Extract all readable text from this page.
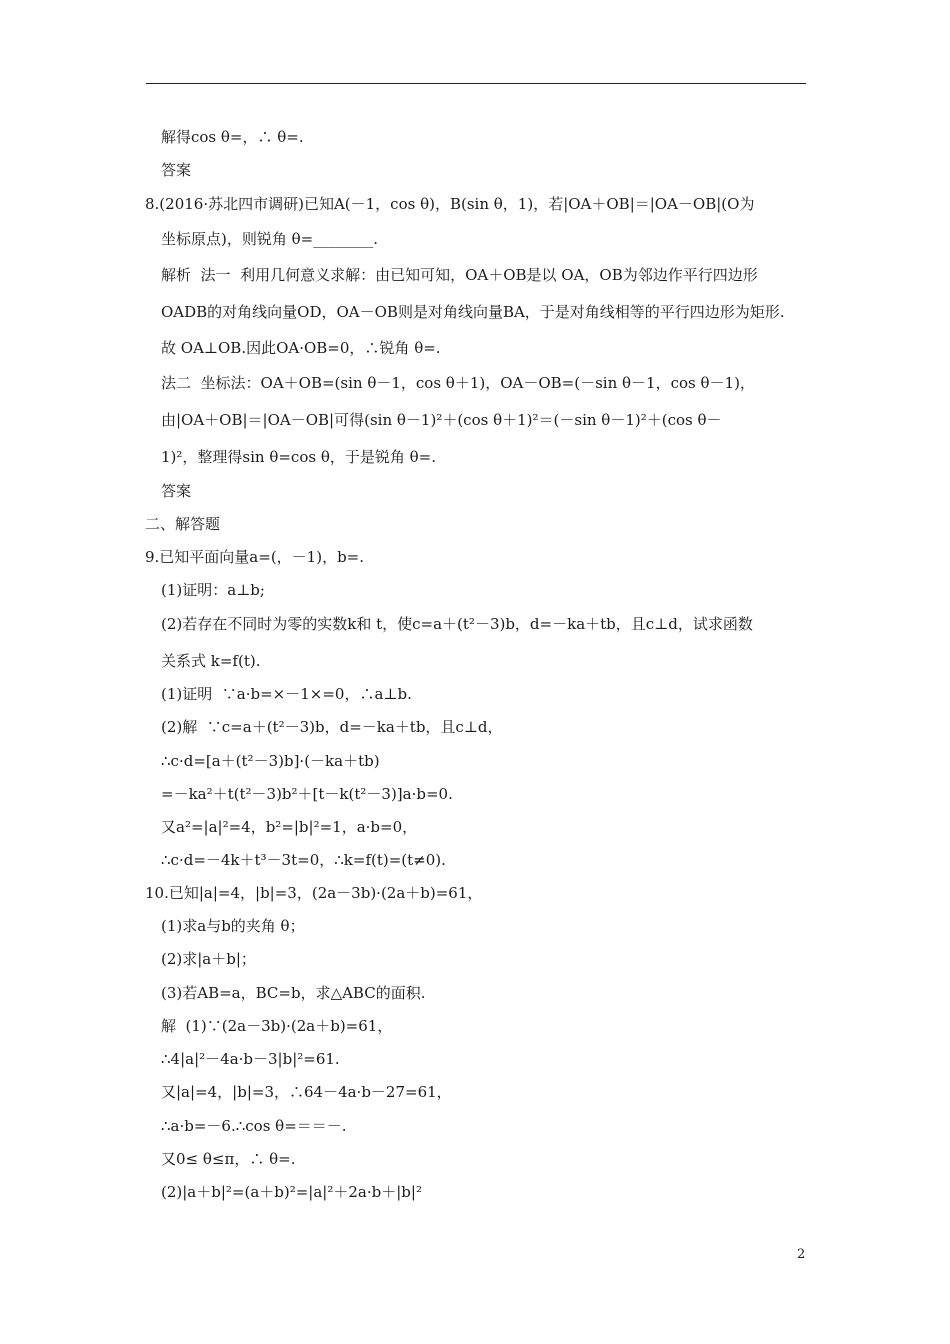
解得cos θ=，∴ θ=.
答案
8.(2016·苏北四市调研)已知A(－1，cos θ)，B(sin θ，1)，若|OA＋OB|＝|OA－OB|(O为
坐标原点)，则锐角 θ=________.
解析  法一  利用几何意义求解：由已知可知，OA＋OB是以 OA，OB为邻边作平行四边形
OADB的对角线向量OD，OA－OB则是对角线向量BA，于是对角线相等的平行四边形为矩形.
故 OA⊥OB.因此OA·OB=0，∴锐角 θ=.
法二  坐标法：OA＋OB=(sin θ－1，cos θ＋1)，OA－OB=(－sin θ－1，cos θ－1)，
由|OA＋OB|＝|OA－OB|可得(sin θ－1)²＋(cos θ＋1)²＝(－sin θ－1)²＋(cos θ－
1)²，整理得sin θ=cos θ，于是锐角 θ=.
答案
二、解答题
9.已知平面向量a=(，－1)，b=.
(1)证明：a⊥b;
(2)若存在不同时为零的实数k和 t，使c=a＋(t²－3)b，d=－ka＋tb，且c⊥d，试求函数
关系式 k=f(t).
(1)证明  ∵a·b=×－1×=0，∴a⊥b.
(2)解  ∵c=a＋(t²－3)b，d=－ka＋tb，且c⊥d，
∴c·d=[a＋(t²－3)b]·(－ka＋tb)
=－ka²＋t(t²－3)b²＋[t－k(t²－3)]a·b=0.
又a²=|a|²=4，b²=|b|²=1，a·b=0，
∴c·d=－4k＋t³－3t=0，∴k=f(t)=(t≠0).
10.已知|a|=4，|b|=3，(2a－3b)·(2a＋b)=61，
(1)求a与b的夹角 θ；
(2)求|a＋b|；
(3)若AB=a，BC=b，求△ABC的面积.
解  (1)∵(2a－3b)·(2a＋b)=61，
∴4|a|²－4a·b－3|b|²=61.
又|a|=4，|b|=3，∴64－4a·b－27=61，
∴a·b=－6.∴cos θ=＝＝－.
又0≤ θ≤π，∴ θ=.
(2)|a＋b|²=(a＋b)²=|a|²＋2a·b＋|b|²
2
